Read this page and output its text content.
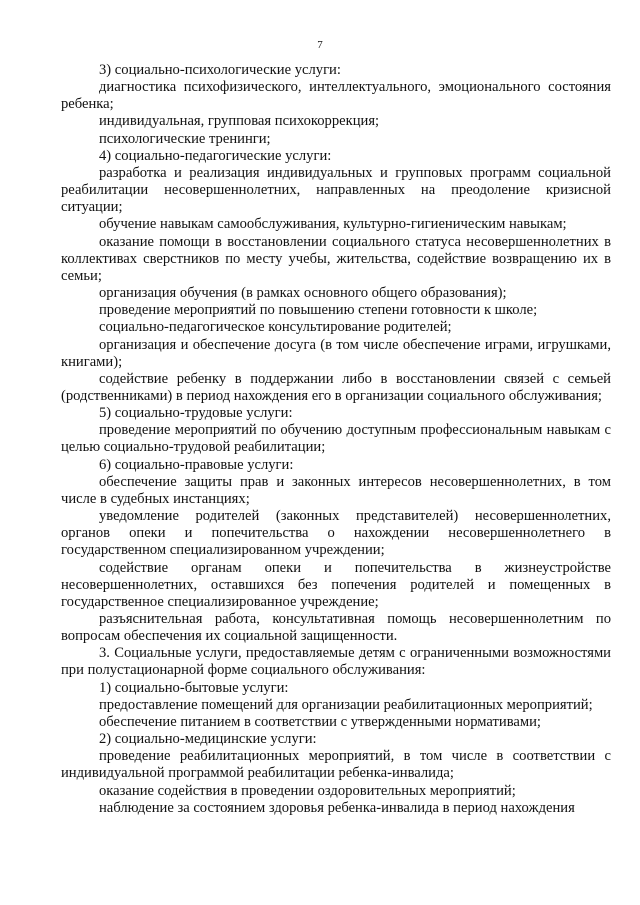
7

3) социально-психологические услуги:

диагностика психофизического, интеллектуального, эмоционального состояния ребенка;

индивидуальная, групповая психокоррекция;

психологические тренинги;

4) социально-педагогические услуги:

разработка и реализация индивидуальных и групповых программ социальной реабилитации несовершеннолетних, направленных на преодоление кризисной ситуации;

обучение навыкам самообслуживания, культурно-гигиеническим навыкам;

оказание помощи в восстановлении социального статуса несовершеннолетних в коллективах сверстников по месту учебы, жительства, содействие возвращению их в семьи;

организация обучения (в рамках основного общего образования);

проведение мероприятий по повышению степени готовности к школе;

социально-педагогическое консультирование родителей;

организация и обеспечение досуга (в том числе обеспечение играми, игрушками, книгами);

содействие ребенку в поддержании либо в восстановлении связей с семьей (родственниками) в период нахождения его в организации социального обслуживания;

5) социально-трудовые услуги:

проведение мероприятий по обучению доступным профессиональным навыкам с целью социально-трудовой реабилитации;

6) социально-правовые услуги:

обеспечение защиты прав и законных интересов несовершеннолетних, в том числе в судебных инстанциях;

уведомление родителей (законных представителей) несовершеннолетних, органов опеки и попечительства о нахождении несовершеннолетнего в государственном специализированном учреждении;

содействие органам опеки и попечительства в жизнеустройстве несовершеннолетних, оставшихся без попечения родителей и помещенных в государственное специализированное учреждение;

разъяснительная работа, консультативная помощь несовершеннолетним по вопросам обеспечения их социальной защищенности.

3. Социальные услуги, предоставляемые детям с ограниченными возможностями при полустационарной форме социального обслуживания:

1) социально-бытовые услуги:

предоставление помещений для организации реабилитационных мероприятий;

обеспечение питанием в соответствии с утвержденными нормативами;

2) социально-медицинские услуги:

проведение реабилитационных мероприятий, в том числе в соответствии с индивидуальной программой реабилитации ребенка-инвалида;

оказание содействия в проведении оздоровительных мероприятий;

наблюдение за состоянием здоровья ребенка-инвалида в период нахождения
